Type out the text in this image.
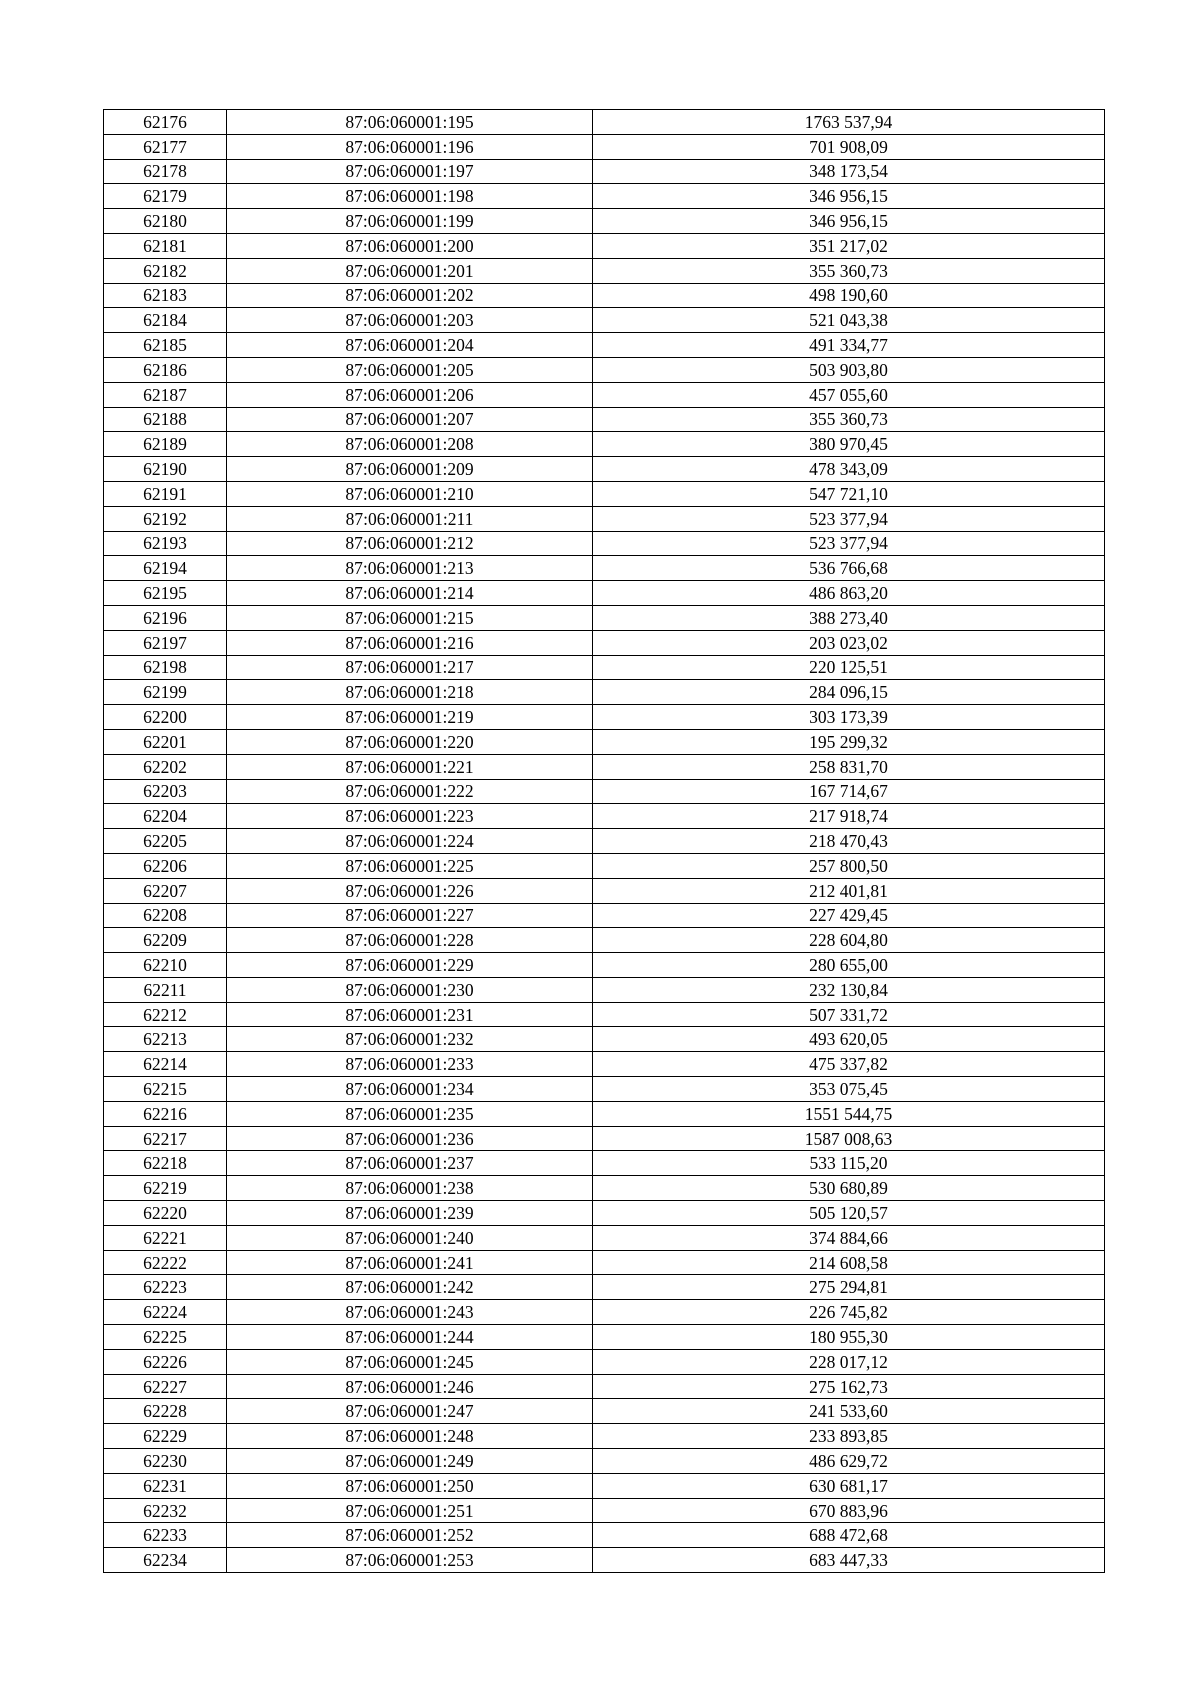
62176	87:06:060001:195	1763 537,94
62177	87:06:060001:196	701 908,09
62178	87:06:060001:197	348 173,54
62179	87:06:060001:198	346 956,15
62180	87:06:060001:199	346 956,15
62181	87:06:060001:200	351 217,02
62182	87:06:060001:201	355 360,73
62183	87:06:060001:202	498 190,60
62184	87:06:060001:203	521 043,38
62185	87:06:060001:204	491 334,77
62186	87:06:060001:205	503 903,80
62187	87:06:060001:206	457 055,60
62188	87:06:060001:207	355 360,73
62189	87:06:060001:208	380 970,45
62190	87:06:060001:209	478 343,09
62191	87:06:060001:210	547 721,10
62192	87:06:060001:211	523 377,94
62193	87:06:060001:212	523 377,94
62194	87:06:060001:213	536 766,68
62195	87:06:060001:214	486 863,20
62196	87:06:060001:215	388 273,40
62197	87:06:060001:216	203 023,02
62198	87:06:060001:217	220 125,51
62199	87:06:060001:218	284 096,15
62200	87:06:060001:219	303 173,39
62201	87:06:060001:220	195 299,32
62202	87:06:060001:221	258 831,70
62203	87:06:060001:222	167 714,67
62204	87:06:060001:223	217 918,74
62205	87:06:060001:224	218 470,43
62206	87:06:060001:225	257 800,50
62207	87:06:060001:226	212 401,81
62208	87:06:060001:227	227 429,45
62209	87:06:060001:228	228 604,80
62210	87:06:060001:229	280 655,00
62211	87:06:060001:230	232 130,84
62212	87:06:060001:231	507 331,72
62213	87:06:060001:232	493 620,05
62214	87:06:060001:233	475 337,82
62215	87:06:060001:234	353 075,45
62216	87:06:060001:235	1551 544,75
62217	87:06:060001:236	1587 008,63
62218	87:06:060001:237	533 115,20
62219	87:06:060001:238	530 680,89
62220	87:06:060001:239	505 120,57
62221	87:06:060001:240	374 884,66
62222	87:06:060001:241	214 608,58
62223	87:06:060001:242	275 294,81
62224	87:06:060001:243	226 745,82
62225	87:06:060001:244	180 955,30
62226	87:06:060001:245	228 017,12
62227	87:06:060001:246	275 162,73
62228	87:06:060001:247	241 533,60
62229	87:06:060001:248	233 893,85
62230	87:06:060001:249	486 629,72
62231	87:06:060001:250	630 681,17
62232	87:06:060001:251	670 883,96
62233	87:06:060001:252	688 472,68
62234	87:06:060001:253	683 447,33
